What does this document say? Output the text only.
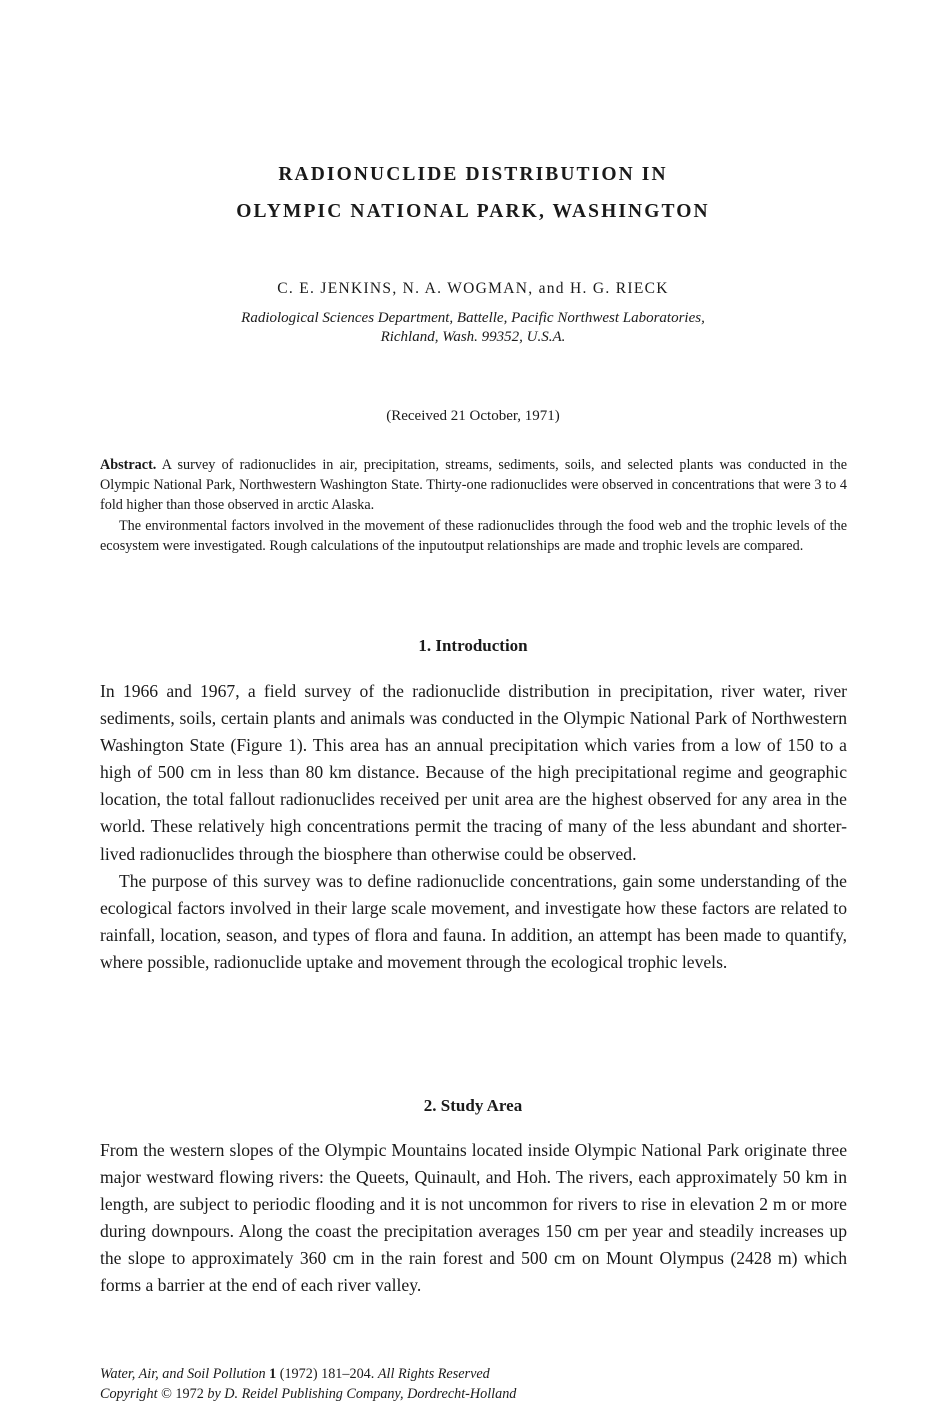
RADIONUCLIDE DISTRIBUTION IN
OLYMPIC NATIONAL PARK, WASHINGTON
C. E. JENKINS, N. A. WOGMAN, and H. G. RIECK
Radiological Sciences Department, Battelle, Pacific Northwest Laboratories,
Richland, Wash. 99352, U.S.A.
(Received 21 October, 1971)

Abstract. A survey of radionuclides in air, precipitation, streams, sediments, soils, and selected plants was conducted in the Olympic National Park, Northwestern Washington State. Thirty-one radionuclides were observed in concentrations that were 3 to 4 fold higher than those observed in arctic Alaska.

The environmental factors involved in the movement of these radionuclides through the food web and the trophic levels of the ecosystem were investigated. Rough calculations of the inputoutput relationships are made and trophic levels are compared.

1. Introduction

In 1966 and 1967, a field survey of the radionuclide distribution in precipitation, river water, river sediments, soils, certain plants and animals was conducted in the Olympic National Park of Northwestern Washington State (Figure 1). This area has an annual precipitation which varies from a low of 150 to a high of 500 cm in less than 80 km distance. Because of the high precipitational regime and geographic location, the total fallout radionuclides received per unit area are the highest observed for any area in the world. These relatively high concentrations permit the tracing of many of the less abundant and shorter-lived radionuclides through the biosphere than otherwise could be observed.

The purpose of this survey was to define radionuclide concentrations, gain some understanding of the ecological factors involved in their large scale movement, and investigate how these factors are related to rainfall, location, season, and types of flora and fauna. In addition, an attempt has been made to quantify, where possible, radionuclide uptake and movement through the ecological trophic levels.

2. Study Area

From the western slopes of the Olympic Mountains located inside Olympic National Park originate three major westward flowing rivers: the Queets, Quinault, and Hoh. The rivers, each approximately 50 km in length, are subject to periodic flooding and it is not uncommon for rivers to rise in elevation 2 m or more during downpours. Along the coast the precipitation averages 150 cm per year and steadily increases up the slope to approximately 360 cm in the rain forest and 500 cm on Mount Olympus (2428 m) which forms a barrier at the end of each river valley.

Water, Air, and Soil Pollution 1 (1972) 181–204. All Rights Reserved
Copyright © 1972 by D. Reidel Publishing Company, Dordrecht-Holland
